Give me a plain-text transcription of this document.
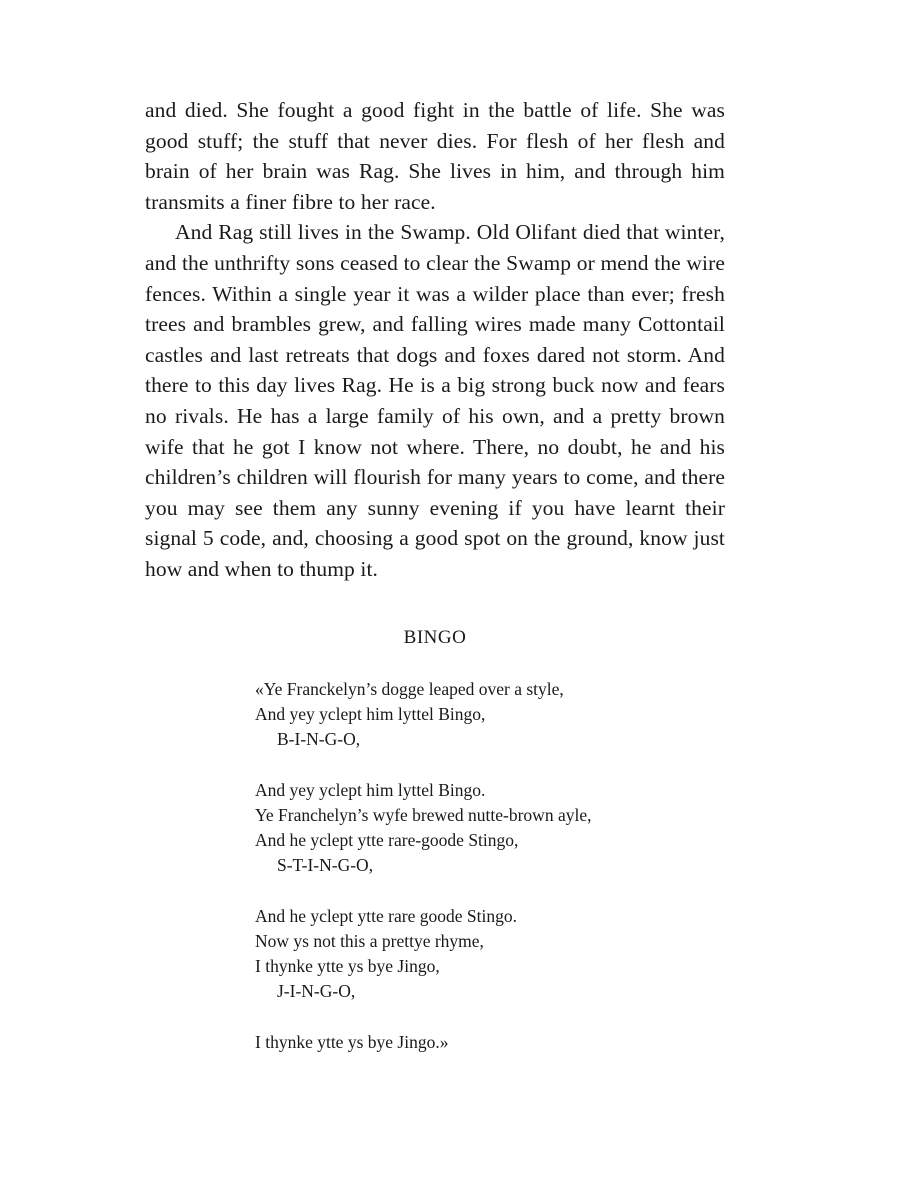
and died. She fought a good fight in the battle of life. She was good stuff; the stuff that never dies. For flesh of her flesh and brain of her brain was Rag. She lives in him, and through him transmits a finer fibre to her race.

And Rag still lives in the Swamp. Old Olifant died that winter, and the unthrifty sons ceased to clear the Swamp or mend the wire fences. Within a single year it was a wilder place than ever; fresh trees and brambles grew, and falling wires made many Cottontail castles and last retreats that dogs and foxes dared not storm. And there to this day lives Rag. He is a big strong buck now and fears no rivals. He has a large family of his own, and a pretty brown wife that he got I know not where. There, no doubt, he and his children’s children will flourish for many years to come, and there you may see them any sunny evening if you have learnt their signal 5 code, and, choosing a good spot on the ground, know just how and when to thump it.

BINGO
«Ye Franckelyn’s dogge leaped over a style,
And yey yclept him lyttel Bingo,
B-I-N-G-O,
And yey yclept him lyttel Bingo.
Ye Franchelyn’s wyfe brewed nutte-brown ayle,
And he yclept ytte rare-goode Stingo,
S-T-I-N-G-O,
And he yclept ytte rare goode Stingo.
Now ys not this a prettye rhyme,
I thynke ytte ys bye Jingo,
J-I-N-G-O,
I thynke ytte ys bye Jingo.»
